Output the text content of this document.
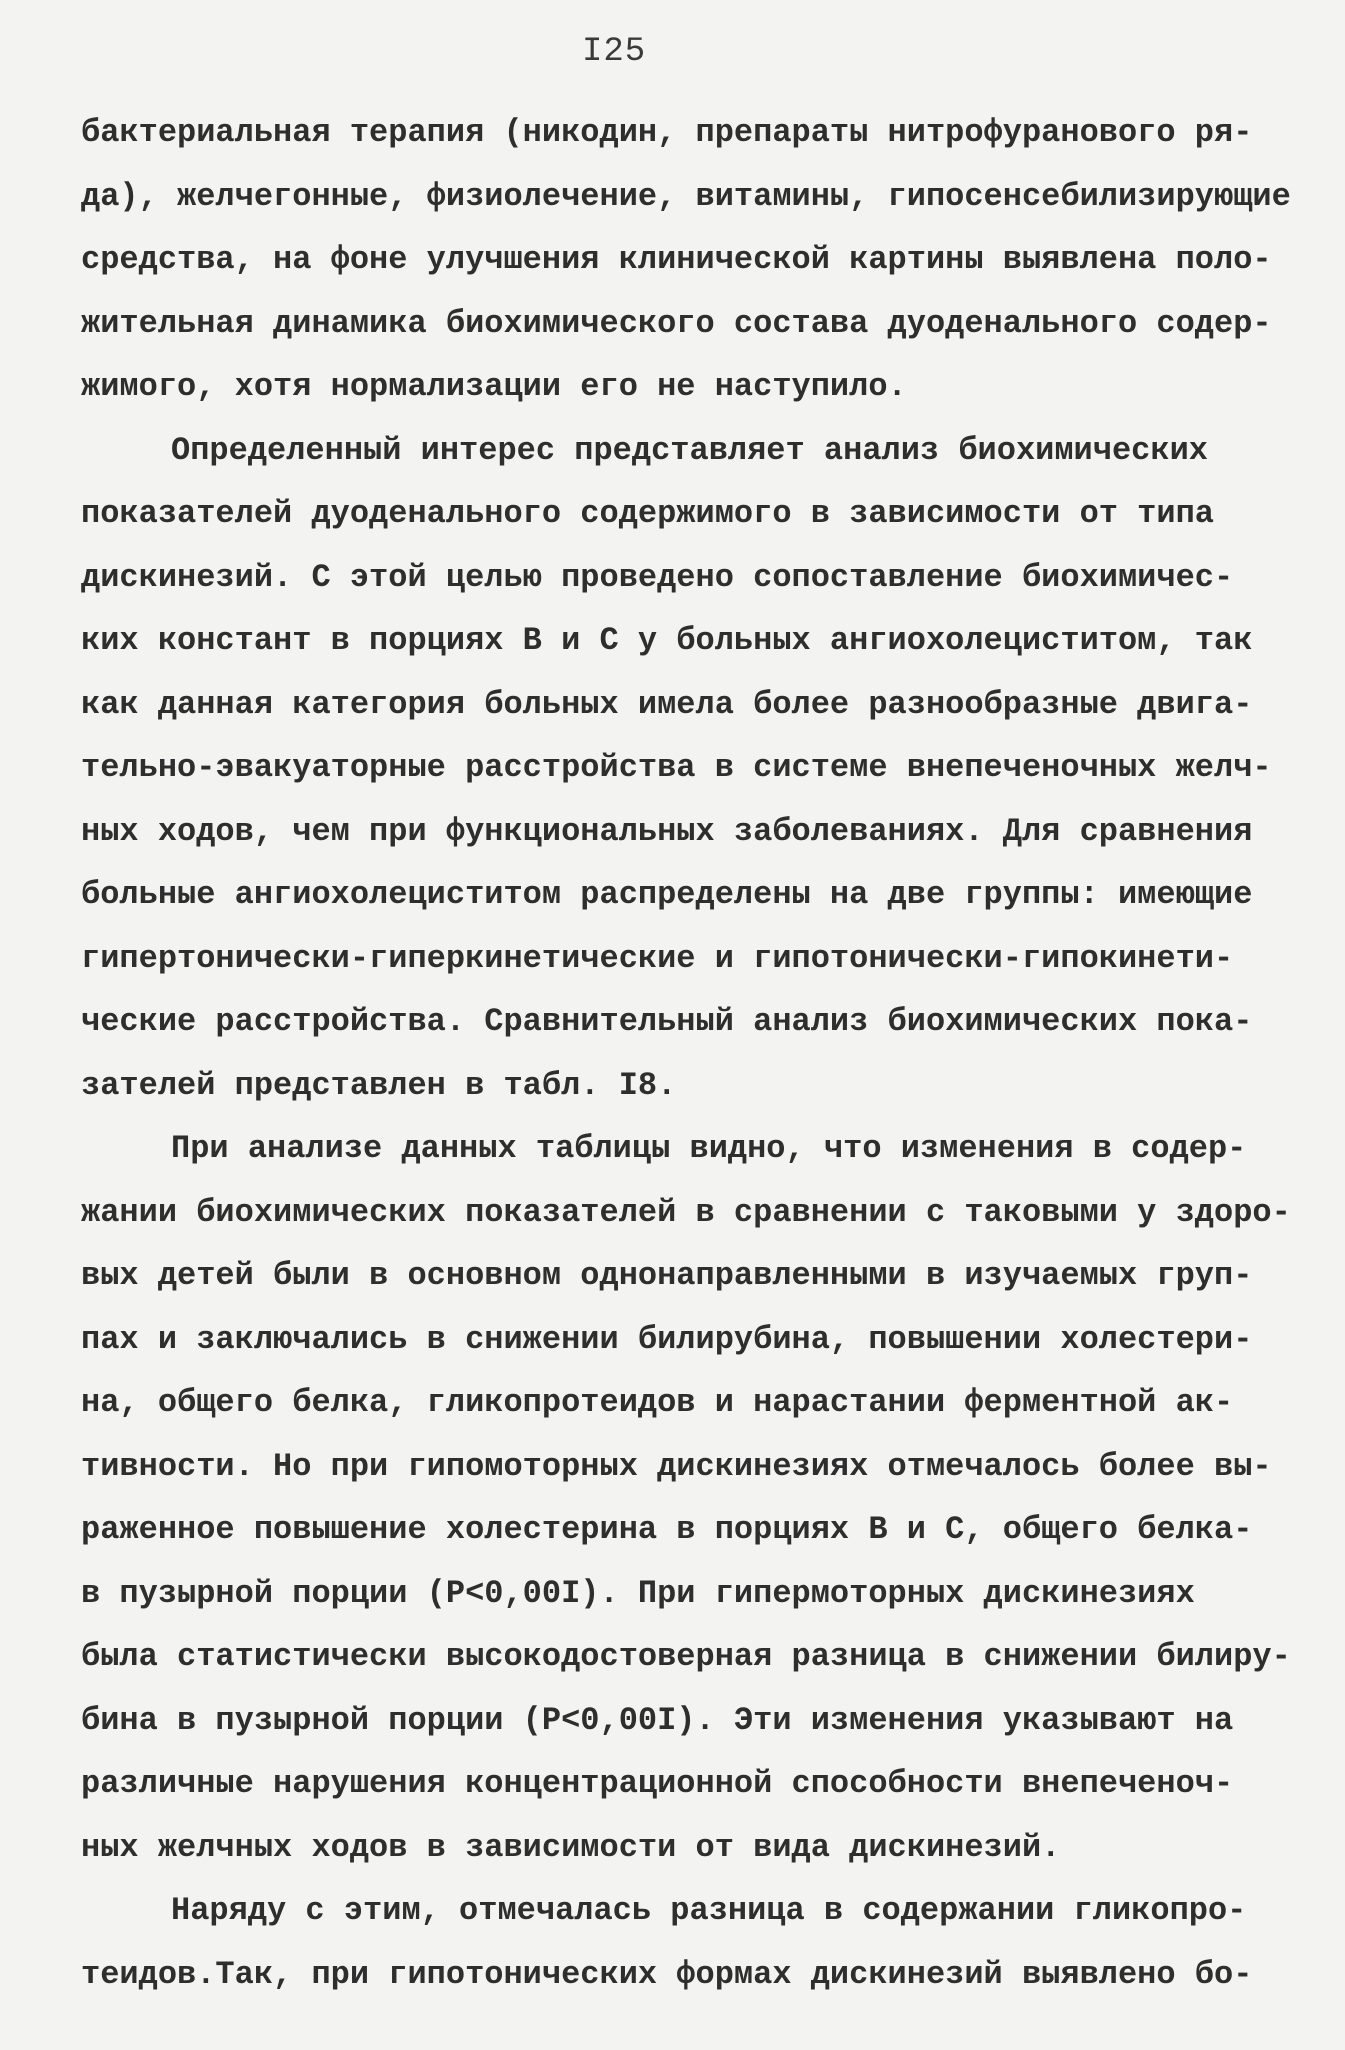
I25
бактериальная терапия (никодин, препараты нитрофуранового ря-
да), желчегонные, физиолечение, витамины, гипосенсебилизирующие
средства, на фоне улучшения клинической картины выявлена поло-
жительная динамика биохимического состава дуоденального содер-
жимого, хотя нормализации его не наступило.
Определенный интерес представляет анализ биохимических
показателей дуоденального содержимого в зависимости от типа
дискинезий. С этой целью проведено сопоставление биохимичес-
ких констант в порциях В и С у больных ангиохолециститом, так
как данная категория больных имела более разнообразные двига-
тельно-эвакуаторные расстройства в системе внепеченочных желч-
ных ходов, чем при функциональных заболеваниях. Для сравнения
больные ангиохолециститом распределены на две группы: имеющие
гипертонически-гиперкинетические и гипотонически-гипокинети-
ческие расстройства. Сравнительный анализ биохимических пока-
зателей представлен в табл. I8.
При анализе данных таблицы видно, что изменения в содер-
жании биохимических показателей в сравнении с таковыми у здоро-
вых детей были в основном однонаправленными в изучаемых груп-
пах и заключались в снижении билирубина, повышении холестери-
на, общего белка, гликопротеидов и нарастании ферментной ак-
тивности. Но при гипомоторных дискинезиях отмечалось более вы-
раженное повышение холестерина в порциях В и С, общего белка-
в пузырной порции (Р<0,00I). При гипермоторных дискинезиях
была статистически высокодостоверная разница в снижении билиру-
бина в пузырной порции (Р<0,00I). Эти изменения указывают на
различные нарушения концентрационной способности внепеченоч-
ных желчных ходов в зависимости от вида дискинезий.
Наряду с этим, отмечалась разница в содержании гликопро-
теидов.Так, при гипотонических формах дискинезий выявлено бо-
